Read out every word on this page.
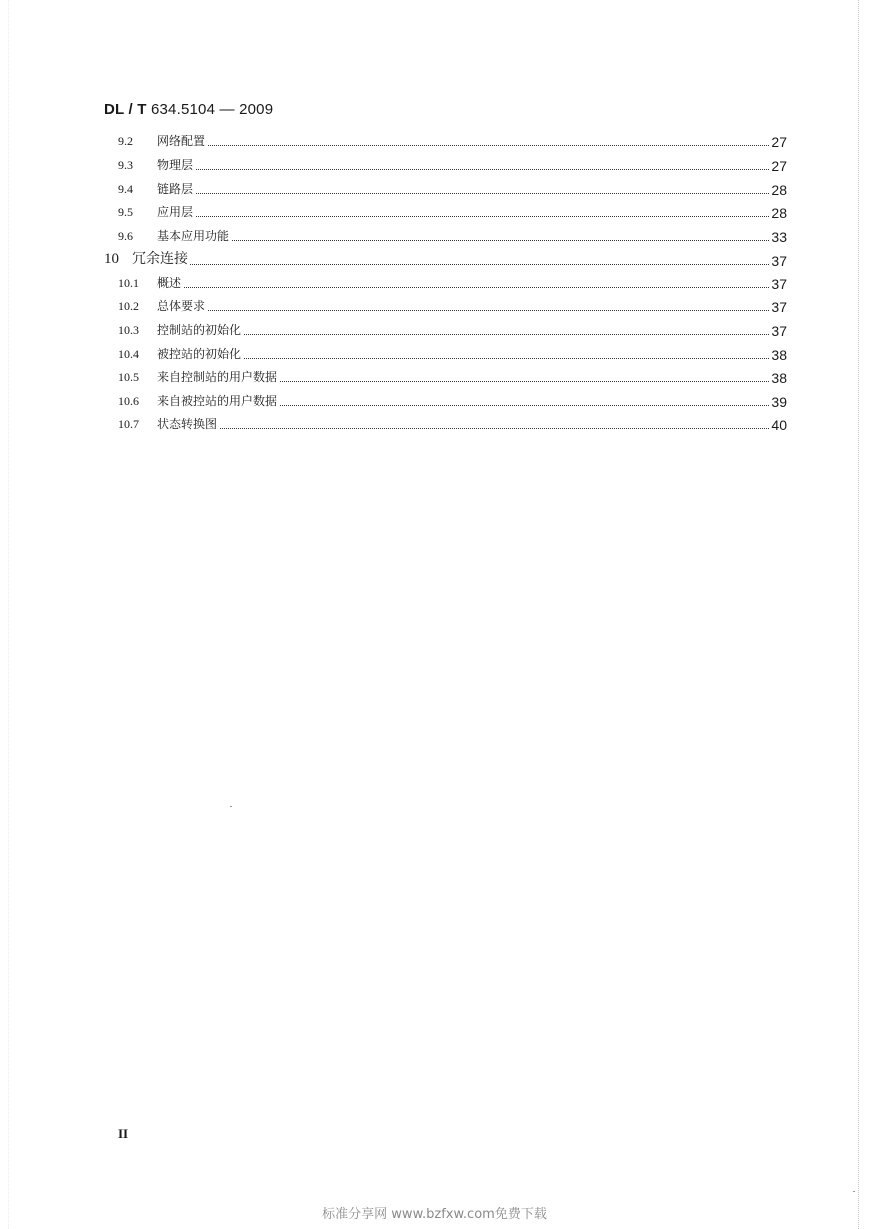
DL / T 634.5104 — 2009
9.2 网络配置	27
9.3 物理层	27
9.4 链路层	28
9.5 应用层	28
9.6 基本应用功能	33
10 冗余连接	37
10.1 概述	37
10.2 总体要求	37
10.3 控制站的初始化	37
10.4 被控站的初始化	38
10.5 来自控制站的用户数据	38
10.6 来自被控站的用户数据	39
10.7 状态转换图	40
II
标准分享网 www.bzfxw.com免费下载
